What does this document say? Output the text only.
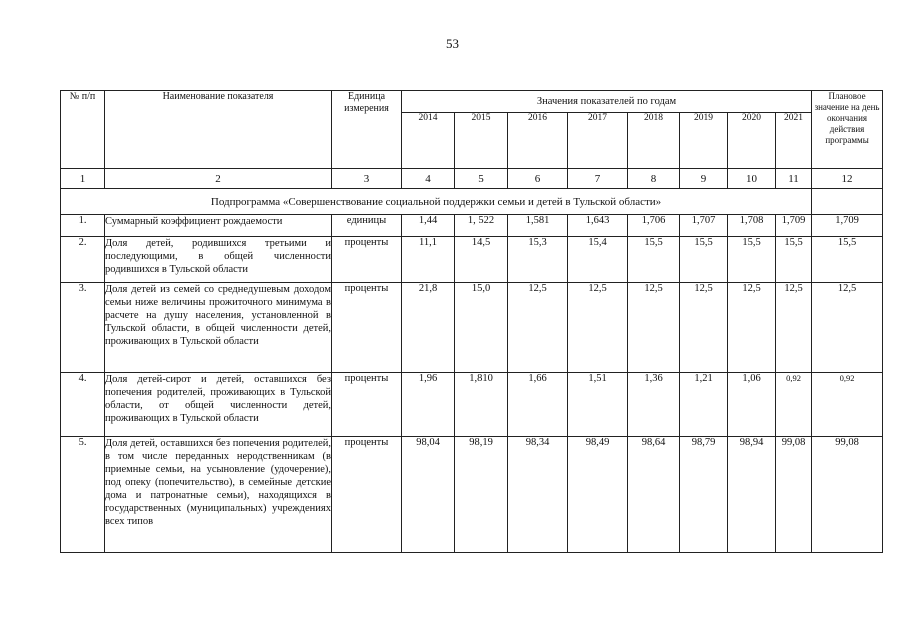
53
№ п/п	Наименование показателя	Единица измерения	Значения показателей по годам								Плановое значение на день окончания действия программы
			2014	2015	2016	2017	2018	2019	2020	2021	
1	2	3	4	5	6	7	8	9	10	11	12
Подпрограмма «Совершенствование социальной поддержки семьи и детей в Тульской области»											
1.	Суммарный коэффициент рождаемости	единицы	1,44	1, 522	1,581	1,643	1,706	1,707	1,708	1,709	1,709
2.	Доля детей, родившихся третьими и последующими, в общей численности родившихся в Тульской области	проценты	11,1	14,5	15,3	15,4	15,5	15,5	15,5	15,5	15,5
3.	Доля детей из семей со среднедушевым доходом семьи ниже величины прожиточного минимума в расчете на душу населения, установленной в Тульской области, в общей численности детей, проживающих в Тульской области	проценты	21,8	15,0	12,5	12,5	12,5	12,5	12,5	12,5	12,5
4.	Доля детей-сирот и детей, оставшихся без попечения родителей, проживающих в Тульской области, от общей численности детей, проживающих в Тульской области	проценты	1,96	1,810	1,66	1,51	1,36	1,21	1,06	0,92	0,92
5.	Доля детей, оставшихся без попечения родителей, в том числе переданных неродственникам (в приемные семьи, на усыновление (удочерение), под опеку (попечительство), в семейные детские дома и патронатные семьи), находящихся в государственных (муниципальных) учреждениях всех типов	проценты	98,04	98,19	98,34	98,49	98,64	98,79	98,94	99,08	99,08
